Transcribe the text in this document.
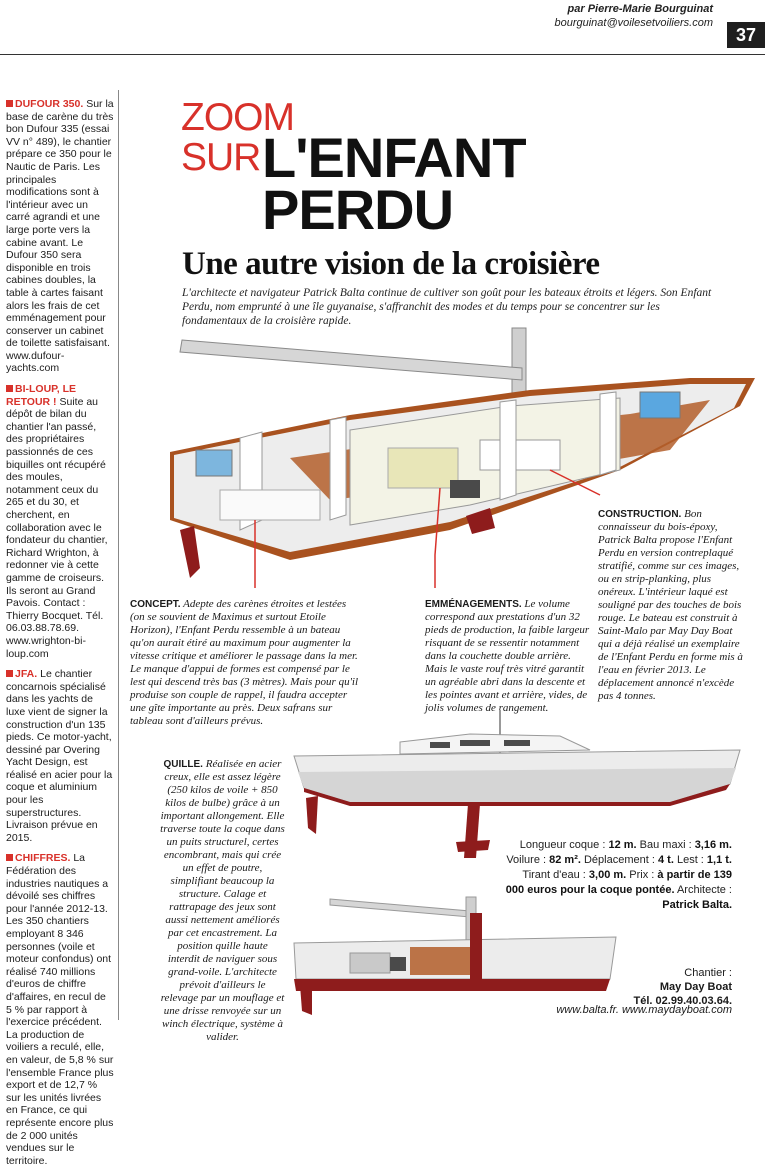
par Pierre-Marie Bourguinat
bourguinat@voilesetvoiliers.com
37
DUFOUR 350. Sur la base de carène du très bon Dufour 335 (essai VV n° 489), le chantier prépare ce 350 pour le Nautic de Paris. Les principales modifications sont à l'intérieur avec un carré agrandi et une large porte vers la cabine avant. Le Dufour 350 sera disponible en trois cabines doubles, la table à cartes faisant alors les frais de cet emménagement pour conserver un cabinet de toilette satisfaisant. www.dufour-yachts.com
BI-LOUP, LE RETOUR ! Suite au dépôt de bilan du chantier l'an passé, des propriétaires passionnés de ces biquilles ont récupéré des moules, notamment ceux du 265 et du 30, et cherchent, en collaboration avec le fondateur du chantier, Richard Wrighton, à redonner vie à cette gamme de croiseurs. Ils seront au Grand Pavois. Contact : Thierry Bocquet. Tél. 06.03.88.78.69. www.wrighton-bi-loup.com
JFA. Le chantier concarnois spécialisé dans les yachts de luxe vient de signer la construction d'un 135 pieds. Ce motor-yacht, dessiné par Overing Yacht Design, est réalisé en acier pour la coque et aluminium pour les superstructures. Livraison prévue en 2015.
CHIFFRES. La Fédération des industries nautiques a dévoilé ses chiffres pour l'année 2012-13. Les 350 chantiers employant 8 346 personnes (voile et moteur confondus) ont réalisé 740 millions d'euros de chiffre d'affaires, en recul de 5 % par rapport à l'exercice précédent. La production de voiliers a reculé, elle, en valeur, de 5,8 % sur l'ensemble France plus export et de 12,7 % sur les unités livrées en France, ce qui représente encore plus de 2 000 unités vendues sur le territoire.
ZOOM
SUR L'ENFANT
PERDU
Une autre vision de la croisière
L'architecte et navigateur Patrick Balta continue de cultiver son goût pour les bateaux étroits et légers. Son Enfant Perdu, nom emprunté à une île guyanaise, s'affranchit des modes et du temps pour se concentrer sur les fondamentaux de la croisière rapide.
CONSTRUCTION. Bon connaisseur du bois-époxy, Patrick Balta propose l'Enfant Perdu en version contreplaqué stratifié, comme sur ces images, ou en strip-planking, plus onéreux. L'intérieur laqué est souligné par des touches de bois rouge. Le bateau est construit à Saint-Malo par May Day Boat qui a déjà réalisé un exemplaire de l'Enfant Perdu en forme mis à l'eau en février 2013. Le déplacement annoncé n'excède pas 4 tonnes.
CONCEPT. Adepte des carènes étroites et lestées (on se souvient de Maximus et surtout Etoile Horizon), l'Enfant Perdu ressemble à un bateau qu'on aurait étiré au maximum pour augmenter la vitesse critique et améliorer le passage dans la mer. Le manque d'appui de formes est compensé par le lest qui descend très bas (3 mètres). Mais pour qu'il produise son couple de rappel, il faudra accepter une gîte importante au près. Deux safrans sur tableau sont d'ailleurs prévus.
EMMÉNAGEMENTS. Le volume correspond aux prestations d'un 32 pieds de production, la faible largeur risquant de se ressentir notamment dans la couchette double arrière. Mais le vaste rouf très vitré garantit un agréable abri dans la descente et les pointes avant et arrière, vides, de jolis volumes de rangement.
QUILLE. Réalisée en acier creux, elle est assez légère (250 kilos de voile + 850 kilos de bulbe) grâce à un important allongement. Elle traverse toute la coque dans un puits structurel, certes encombrant, mais qui crée un effet de poutre, simplifiant beaucoup la structure. Calage et rattrapage des jeux sont aussi nettement améliorés par cet encastrement. La position quille haute interdit de naviguer sous grand-voile. L'architecte prévoit d'ailleurs le relevage par un mouflage et une drisse renvoyée sur un winch électrique, système à valider.
Longueur coque : 12 m. Bau maxi : 3,16 m. Voilure : 82 m². Déplacement : 4 t. Lest : 1,1 t. Tirant d'eau : 3,00 m. Prix : à partir de 139 000 euros pour la coque pontée. Architecte : Patrick Balta.
Chantier :
May Day Boat
Tél. 02.99.40.03.64.
www.balta.fr. www.maydayboat.com
